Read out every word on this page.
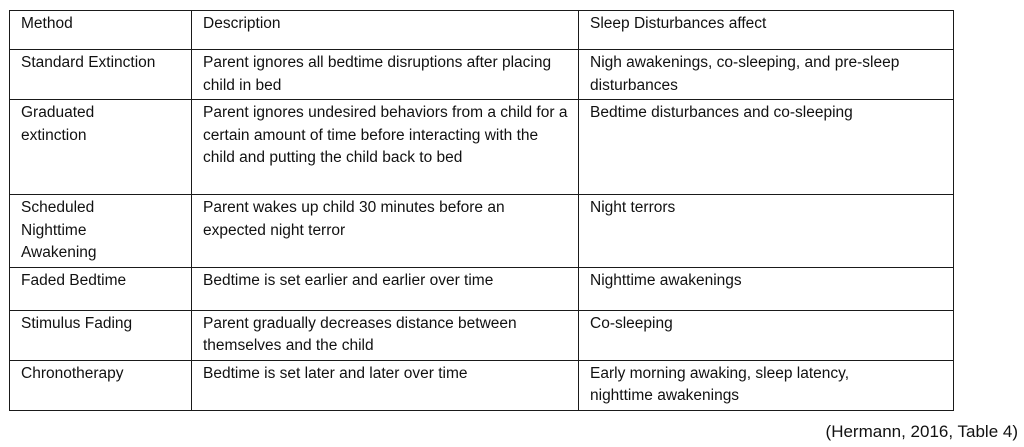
Method	Description	Sleep Disturbances affect
Standard Extinction	Parent ignores all bedtime disruptions after placing child in bed	Nigh awakenings, co-sleeping, and pre-sleep disturbances
Graduated extinction	Parent ignores undesired behaviors from a child for a certain amount of time before interacting with the child and putting the child back to bed	Bedtime disturbances and co-sleeping
Scheduled Nighttime Awakening	Parent wakes up child 30 minutes before an expected night terror	Night terrors
Faded Bedtime	Bedtime is set earlier and earlier over time	Nighttime awakenings
Stimulus Fading	Parent gradually decreases distance between themselves and the child	Co-sleeping
Chronotherapy	Bedtime is set later and later over time	Early morning awaking, sleep latency, nighttime awakenings
(Hermann, 2016, Table 4)
